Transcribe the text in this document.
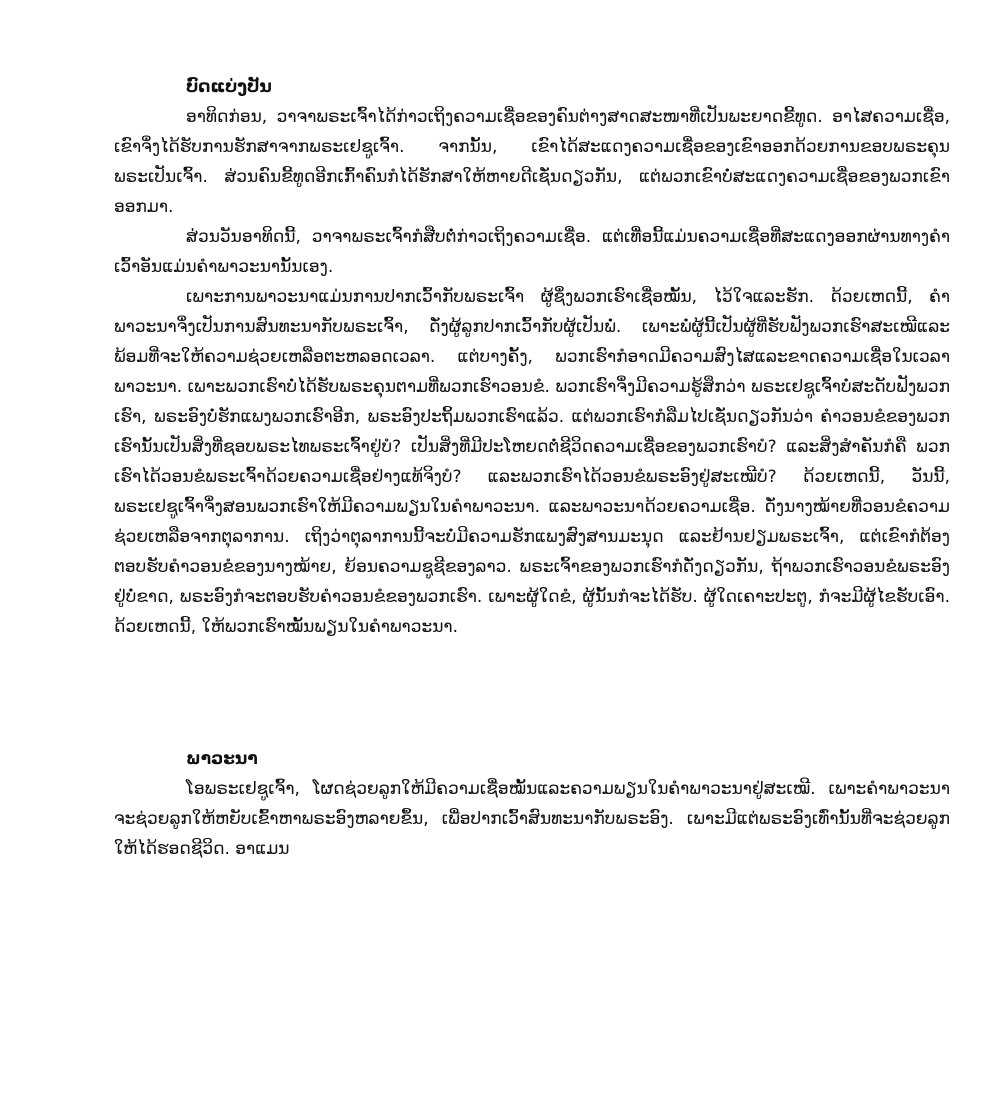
ບົດແບ່ງປັນ

ອາທິດກ່ອນ, ວາຈາພຣະເຈົ້າໄດ້ກ່າວເຖິງຄວາມເຊື່ອຂອງຄົນຕ່າງສາດສະໜາທີ່ເປັນພະຍາດຂີ້ທູດ. ອາໄສຄວາມເຊື່ອ, ເຂົາຈຶ່ງໄດ້ຮັບການຮັກສາຈາກພຣະເຢຊູເຈົ້າ. ຈາກນັ້ນ, ເຂົາໄດ້ສະແດງຄວາມເຊື່ອຂອງເຂົາອອກດ້ວຍການຂອບພຣະຄຸນພຣະເປັນເຈົ້າ. ສ່ວນຄົນຂີ້ທູດອີກເກົ້າຄົນກໍໄດ້ຮັກສາໃຫ້ຫາຍດີເຊັ່ນດຽວກັນ, ແຕ່ພວກເຂົາບໍ່ສະແດງຄວາມເຊື່ອຂອງພວກເຂົາອອກມາ.

ສ່ວນວັນອາທິດນີ້, ວາຈາພຣະເຈົ້າກໍສືບຕໍ່ກ່າວເຖິງຄວາມເຊື່ອ. ແຕ່ເທື່ອນີ້ແມ່ນຄວາມເຊື່ອທີ່ສະແດງອອກຜ່ານທາງຄຳເວົ້າອັນແມ່ນຄຳພາວະນານັ້ນເອງ.

ເພາະການພາວະນາແມ່ນການປາກເວົ້າກັບພຣະເຈົ້າ ຜູ້ຊຶ່ງພວກເຮົາເຊື່ອໝັ້ນ, ໄວ້ໃຈແລະຮັກ. ດ້ວຍເຫດນີ້, ຄຳພາວະນາຈຶ່ງເປັນການສົນທະນາກັບພຣະເຈົ້າ, ດັ່ງຜູ້ລູກປາກເວົ້າກັບຜູ້ເປັນພໍ່. ເພາະພໍ່ຜູ້ນີ້ເປັນຜູ້ທີ່ຮັບຟັງພວກເຮົາສະເໝີແລະພ້ອມທີ່ຈະໃຫ້ຄວາມຊ່ວຍເຫລືອຕະຫລອດເວລາ. ແຕ່ບາງຄັ້ງ, ພວກເຮົາກໍອາດມີຄວາມສົງໄສແລະຂາດຄວາມເຊື່ອໃນເວລາພາວະນາ. ເພາະພວກເຮົາບໍ່ໄດ້ຮັບພຣະຄຸນຕາມທີ່ພວກເຮົາວອນຂໍ. ພວກເຮົາຈຶ່ງມີຄວາມຮູ້ສຶກວ່າ ພຣະເຢຊູເຈົ້າບໍ່ສະດັບຟັງພວກເຮົາ, ພຣະອົງບໍ່ຮັກແພງພວກເຮົາອີກ, ພຣະອົງປະຖິ້ມພວກເຮົາແລ້ວ. ແຕ່ພວກເຮົາກໍລືມໄປເຊັ່ນດຽວກັນວ່າ ຄຳວອນຂໍຂອງພວກເຮົານັ້ນເປັນສິ່ງທີ່ຊອບພຣະໄທພຣະເຈົ້າຢູ່ບໍ? ເປັນສິ່ງທີ່ມີປະໂຫຍດຕໍ່ຊີວິດຄວາມເຊື່ອຂອງພວກເຮົາບໍ? ແລະສິ່ງສຳຄັນກໍຄື ພວກເຮົາໄດ້ວອນຂໍພຣະເຈົ້າດ້ວຍຄວາມເຊື່ອຢ່າງແທ້ຈິງບໍ? ແລະພວກເຮົາໄດ້ວອນຂໍພຣະອົງຢູ່ສະເໝີບໍ? ດ້ວຍເຫດນີ້, ວັນນີ້, ພຣະເຢຊູເຈົ້າຈຶ່ງສອນພວກເຮົາໃຫ້ມີຄວາມພຽນໃນຄຳພາວະນາ. ແລະພາວະນາດ້ວຍຄວາມເຊື່ອ. ດັ່ງນາງໝ້າຍທີ່ວອນຂໍຄວາມຊ່ວຍເຫລືອຈາກຕຸລາການ. ເຖິງວ່າຕຸລາການນີ້ຈະບໍ່ມີຄວາມຮັກແພງສົງສານມະນຸດ ແລະຢ້ານຢຽມພຣະເຈົ້າ, ແຕ່ເຂົາກໍຕ້ອງຕອບຮັບຄຳວອນຂໍຂອງນາງໝ້າຍ, ຍ້ອນຄວາມຊູຊີຂອງລາວ. ພຣະເຈົ້າຂອງພວກເຮົາກໍດັ່ງດຽວກັນ, ຖ້າພວກເຮົາວອນຂໍພຣະອົງຢູ່ບໍ່ຂາດ, ພຣະອົງກໍຈະຕອບຮັບຄຳວອນຂໍຂອງພວກເຮົາ. ເພາະຜູ້ໃດຂໍ, ຜູ້ນັ້ນກໍຈະໄດ້ຮັບ. ຜູ້ໃດເຄາະປະຕູ, ກໍຈະມີຜູ້ໄຂຮັບເອົາ. ດ້ວຍເຫດນີ້, ໃຫ້ພວກເຮົາໝັ້ນພຽນໃນຄຳພາວະນາ.

ພາວະນາ

ໂອພຣະເຢຊູເຈົ້າ, ໂຜດຊ່ວຍລູກໃຫ້ມີຄວາມເຊື່ອໝັ້ນແລະຄວາມພຽນໃນຄຳພາວະນາຢູ່ສະເໝີ. ເພາະຄຳພາວະນາຈະຊ່ວຍລູກໃຫ້ຫຍັບເຂົ້າຫາພຣະອົງຫລາຍຂຶ້ນ, ເພື່ອປາກເວົ້າສົນທະນາກັບພຣະອົງ. ເພາະມີແຕ່ພຣະອົງເທົ່ານັ້ນທີ່ຈະຊ່ວຍລູກໃຫ້ໄດ້ຮອດຊີວິດ. ອາແມນ
